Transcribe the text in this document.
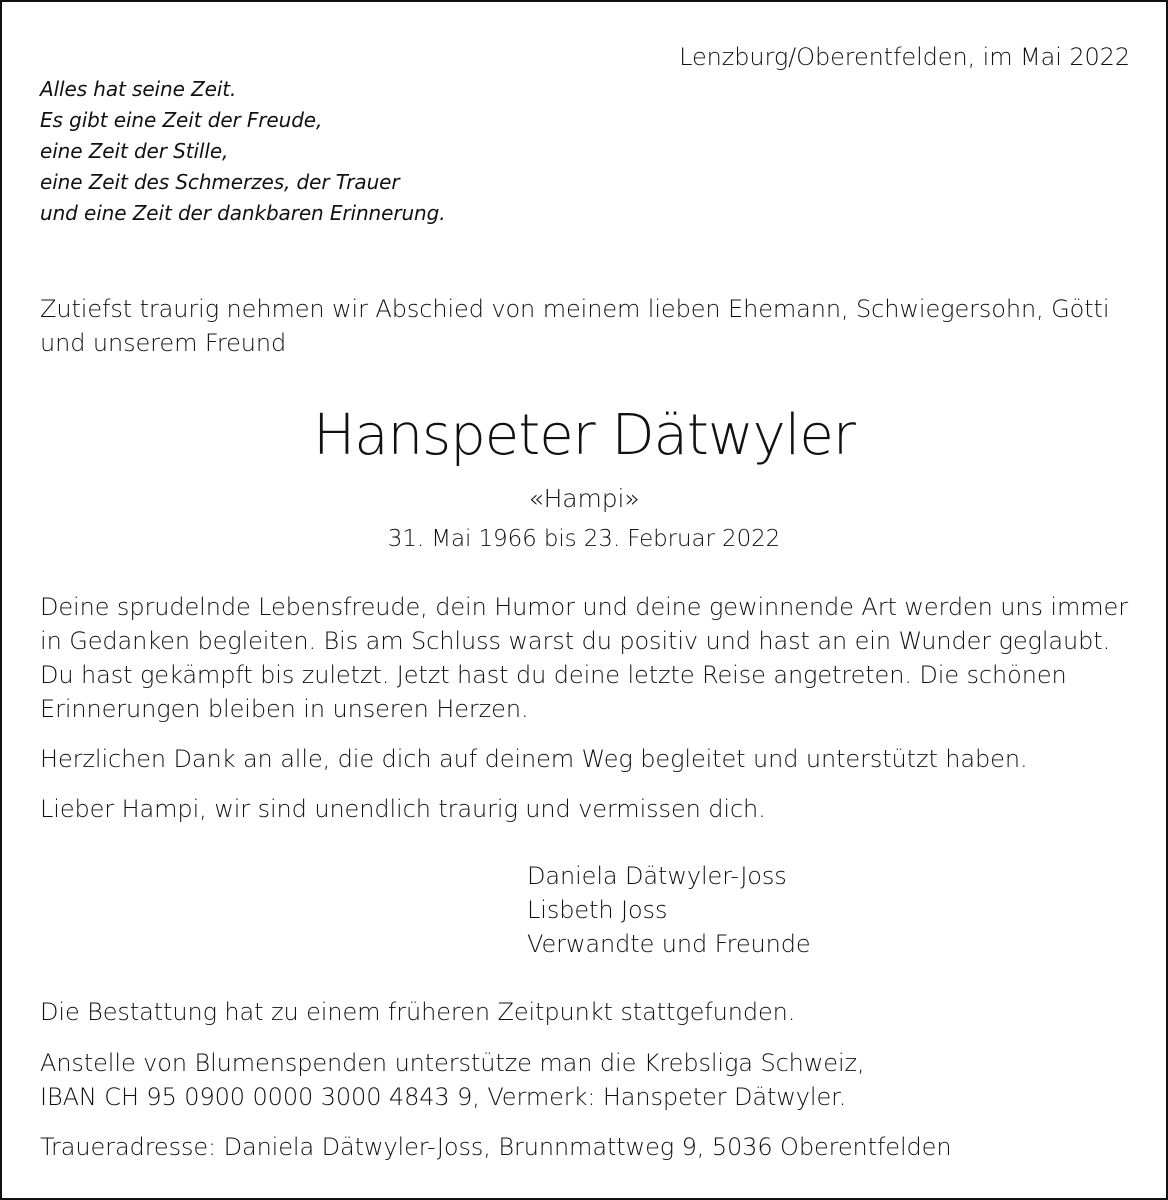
Lenzburg/Oberentfelden, im Mai 2022

Alles hat seine Zeit.
Es gibt eine Zeit der Freude,
eine Zeit der Stille,
eine Zeit des Schmerzes, der Trauer
und eine Zeit der dankbaren Erinnerung.
Zutiefst traurig nehmen wir Abschied von meinem lieben Ehemann, Schwiegersohn, Götti
und unserem Freund
Hanspeter Dätwyler

«Hampi»

31. Mai 1966 bis 23. Februar 2022

Deine sprudelnde Lebensfreude, dein Humor und deine gewinnende Art werden uns immer
in Gedanken begleiten. Bis am Schluss warst du positiv und hast an ein Wunder geglaubt.
Du hast gekämpft bis zuletzt. Jetzt hast du deine letzte Reise angetreten. Die schönen
Erinnerungen bleiben in unseren Herzen.

Herzlichen Dank an alle, die dich auf deinem Weg begleitet und unterstützt haben.

Lieber Hampi, wir sind unendlich traurig und vermissen dich.

Daniela Dätwyler-Joss
Lisbeth Joss
Verwandte und Freunde

Die Bestattung hat zu einem früheren Zeitpunkt stattgefunden.

Anstelle von Blumenspenden unterstütze man die Krebsliga Schweiz,
IBAN CH 95 0900 0000 3000 4843 9, Vermerk: Hanspeter Dätwyler.

Traueradresse: Daniela Dätwyler-Joss, Brunnmattweg 9, 5036 Oberentfelden
